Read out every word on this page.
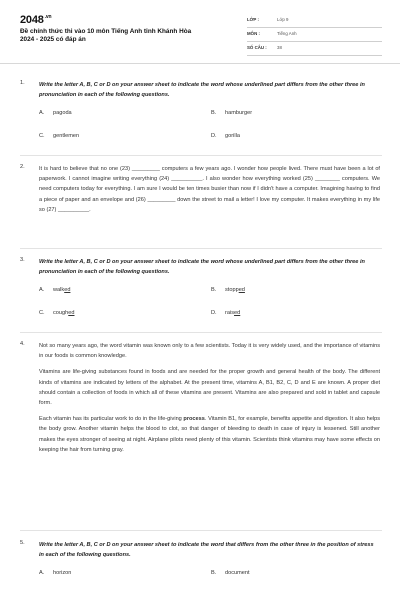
$2048^{.vn}$
Đề chính thức thi vào 10 môn Tiếng Anh tỉnh Khánh Hòa
2024 - 2025 có đáp án
LỚP :	Lớp 9
MÔN :	Tiếng Anh
SỐ CÂU : 38
1.	Write the letter A, B, C or D on your answer sheet to indicate the word whose underlined part differs from the other three in pronunciation in each of the following questions.
A. pagoda	B. hamburger
C. gentlemen	D. gorilla
2.	It is hard to believe that no one (23) _________ computers a few years ago. I wonder how people lived. There must have been a lot of paperwork. I cannot imagine writing everything (24) __________. I also wonder how everything worked (25) ________ computers. We need computers today for everything. I am sure I would be ten times busier than now if I didn't have a computer. Imagining having to find a piece of paper and an envelope and (26) _________ down the street to mail a letter! I love my computer. It makes everything in my life so (27) __________.

3.	Write the letter A, B, C or D on your answer sheet to indicate the word whose underlined part differs from the other three in pronunciation in each of the following questions.
A. walked	B. stopped
C. coughed	D. raised
4.	Not so many years ago, the word vitamin was known only to a few scientists. Today it is very widely used, and the importance of vitamins in our foods is common knowledge.

Vitamins are life-giving substances found in foods and are needed for the proper growth and general health of the body. The different kinds of vitamins are indicated by letters of the alphabet. At the present time, vitamins A, B1, B2, C, D and E are known. A proper diet should contain a collection of foods in which all of these vitamins are present. Vitamins are also prepared and sold in tablet and capsule form.

Each vitamin has its particular work to do in the life-giving process. Vitamin B1, for example, benefits appetite and digestion. It also helps the body grow. Another vitamin helps the blood to clot, so that danger of bleeding to death in case of injury is lessened. Still another makes the eyes stronger of seeing at night. Airplane pilots need plenty of this vitamin. Scientists think vitamins may have some effects on keeping the hair from turning gray.

5.	Write the letter A, B, C or D on your answer sheet to indicate the word that differs from the other three in the position of stress in each of the following questions.
A. horizon	B. document
